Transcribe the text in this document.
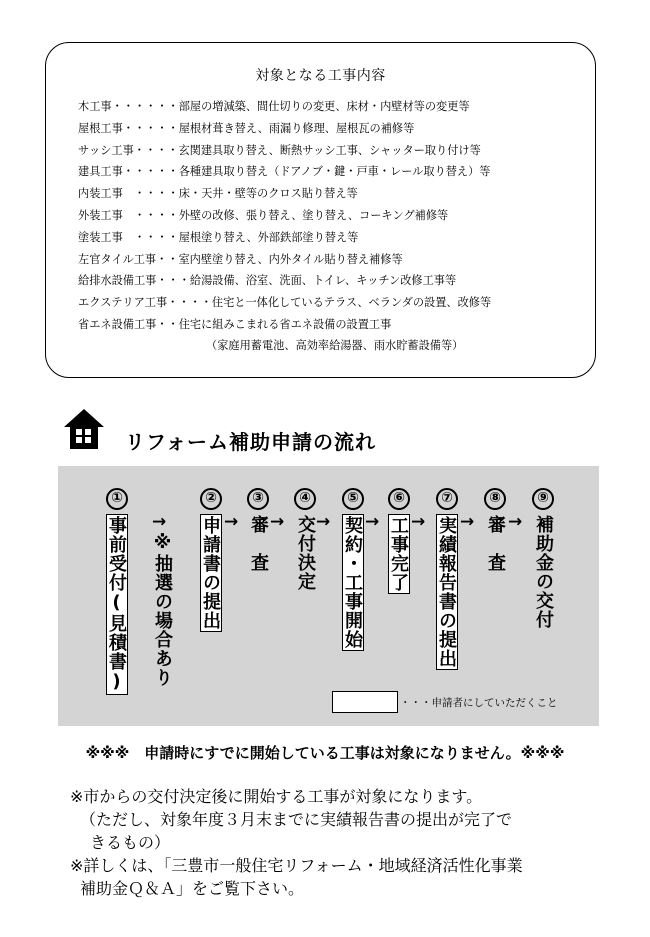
対象となる工事内容
木工事・・・・・・部屋の増減築、間仕切りの変更、床材・内壁材等の変更等
屋根工事・・・・・屋根材葺き替え、雨漏り修理、屋根瓦の補修等
サッシ工事・・・・玄関建具取り替え、断熱サッシ工事、シャッター取り付け等
建具工事・・・・・各種建具取り替え（ドアノブ・鍵・戸車・レール取り替え）等
内装工事　・・・・床・天井・壁等のクロス貼り替え等
外装工事　・・・・外壁の改修、張り替え、塗り替え、コーキング補修等
塗装工事　・・・・屋根塗り替え、外部鉄部塗り替え等
左官タイル工事・・室内壁塗り替え、内外タイル貼り替え補修等
給排水設備工事・・・給湯設備、浴室、洗面、トイレ、キッチン改修工事等
エクステリア工事・・・・住宅と一体化しているテラス、ベランダの設置、改修等
省エネ設備工事・・住宅に組みこまれる省エネ設備の設置工事
（家庭用蓄電池、高効率給湯器、雨水貯蓄設備等）
リフォーム補助申請の流れ
①
事前受付(見積書) →
※抽選の場合あり
②
申請書の提出 →
③
審　査 →
④
交付決定 →
⑤
契約・工事開始 →
⑥
工事完了 →
⑦
実績報告書の提出 →
⑧
審　査 →
⑨
補助金の交付
・・・申請者にしていただくこと
※※※　申請時にすでに開始している工事は対象になりません。※※※

※市からの交付決定後に開始する工事が対象になります。

（ただし、対象年度３月末までに実績報告書の提出が完了で

きるもの）

※詳しくは、「三豊市一般住宅リフォーム・地域経済活性化事業

補助金Ｑ＆Ａ」をご覧下さい。
